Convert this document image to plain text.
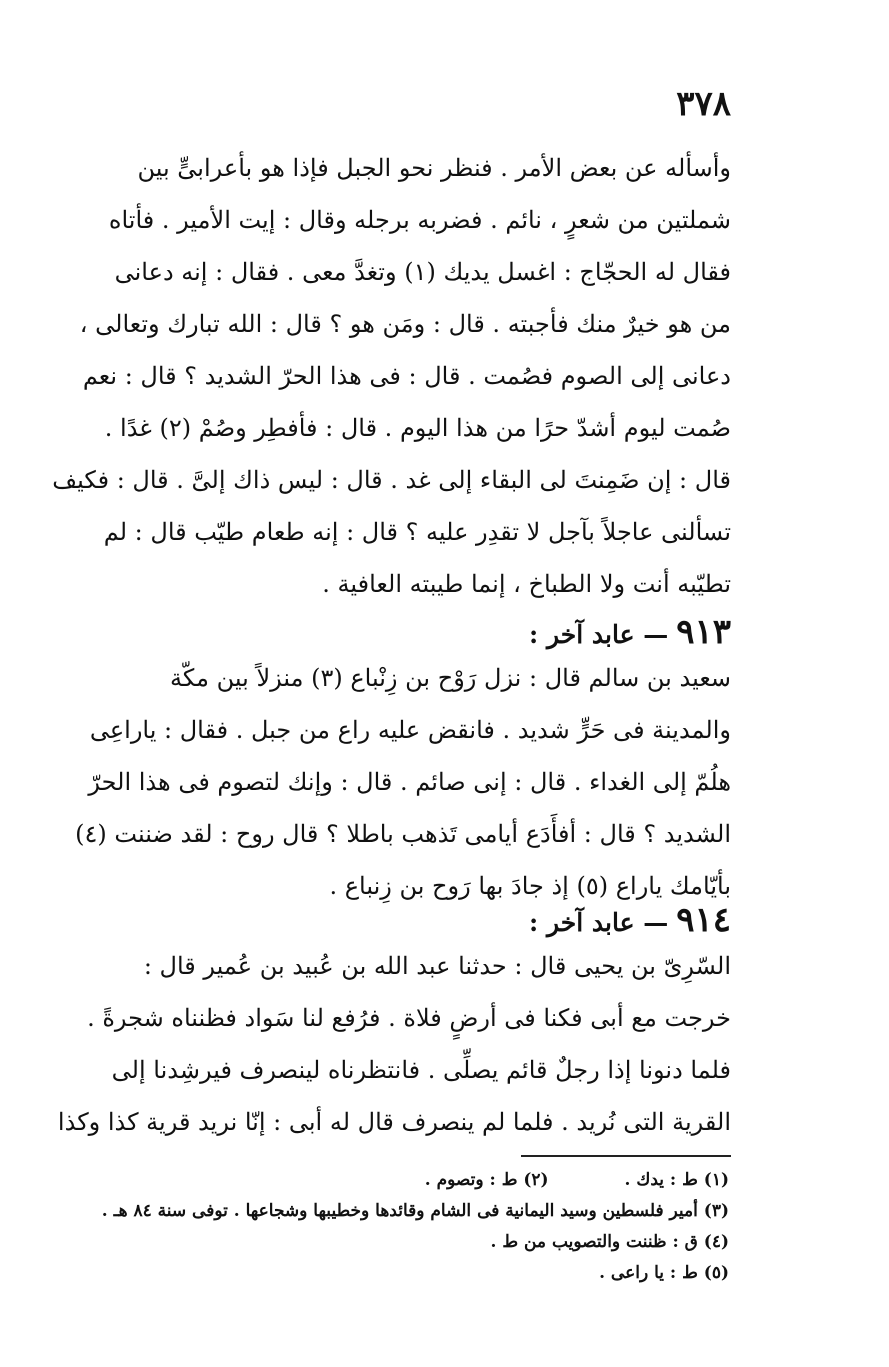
٣٧٨
وأسأله عن بعض الأمر . فنظر نحو الجبل فإذا هو بأعرابىٍّ بين
شملتين من شعرٍ ، نائم . فضربه برجله وقال : إيت الأمير . فأتاه
فقال له الحجّاج : اغسل يديك (١) وتغدَّ معى . فقال : إنه دعانى
من هو خيرٌ منك فأجبته . قال : ومَن هو ؟ قال : الله تبارك وتعالى ،
دعانى إلى الصوم فصُمت . قال : فى هذا الحرّ الشديد ؟ قال : نعم
صُمت ليوم أشدّ حرًا من هذا اليوم . قال : فأفطِر وصُمْ (٢) غدًا .
قال : إن ضَمِنتَ لى البقاء إلى غد . قال : ليس ذاك إلىَّ . قال : فكيف
تسألنى عاجلاً بآجل لا تقدِر عليه ؟ قال : إنه طعام طيّب قال : لم
تطيّبه أنت ولا الطباخ ، إنما طيبته العافية .
٩١٣— عابد آخر :
سعيد بن سالم قال : نزل رَوْح بن زِنْباع (٣) منزلاً بين مكّة
والمدينة فى حَرٍّ شديد . فانقض عليه راع من جبل . فقال : ياراعِى
هلُمّ إلى الغداء . قال : إنى صائم . قال : وإنك لتصوم فى هذا الحرّ
الشديد ؟ قال : أفأَدَع أيامى تَذهب باطلا ؟ قال روح : لقد ضننت (٤)
بأيّامك ياراع (٥) إذ جادَ بها رَوح بن زِنباع .
٩١٤— عابد آخر :
السّرِىّ بن يحيى قال : حدثنا عبد الله بن عُبيد بن عُمير قال :
خرجت مع أبى فكنا فى أرضٍ فلاة . فرُفع لنا سَواد فظنناه شجرةً .
فلما دنونا إذا رجلٌ قائم يصلِّى . فانتظرناه لينصرف فيرشِدنا إلى
القرية التى نُريد . فلما لم ينصرف قال له أبى : إنّا نريد قرية كذا وكذا
(١) ط : يدك . (٢) ط : وتصوم .
(٣) أمير فلسطين وسيد اليمانية فى الشام وقائدها وخطيبها وشجاعها . توفى سنة ٨٤ هـ .
(٤) ق : ظننت والتصويب من ط .
(٥) ط : يا راعى .
